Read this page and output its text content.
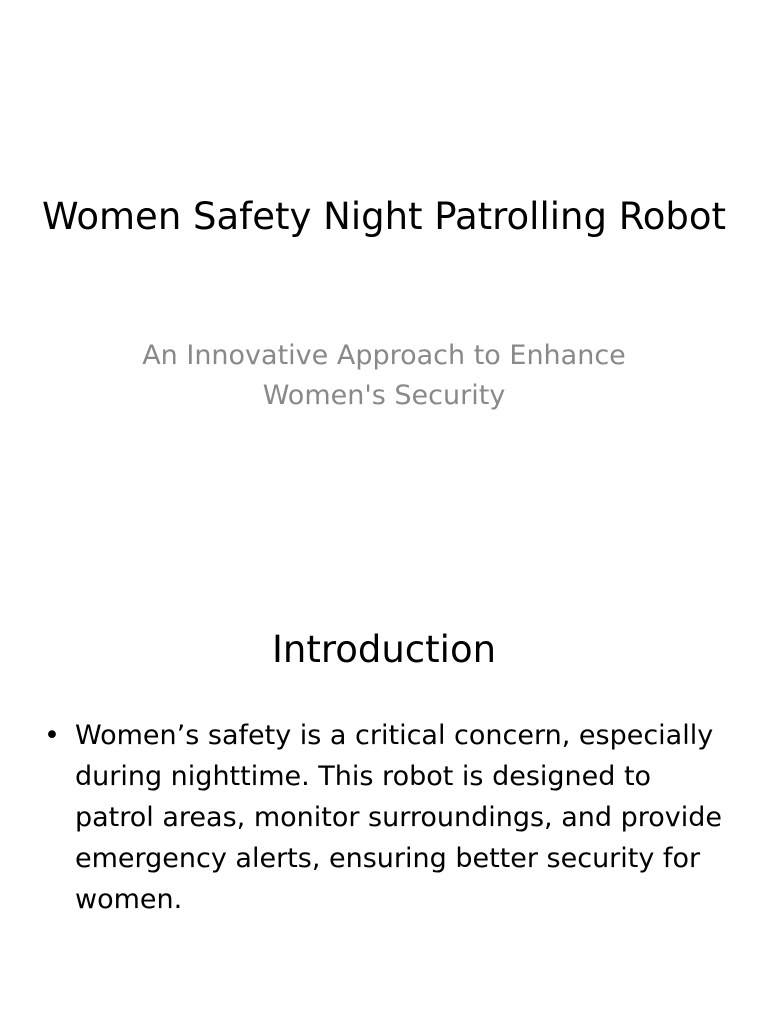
Women Safety Night Patrolling Robot
An Innovative Approach to Enhance Women's Security
Introduction
• Women’s safety is a critical concern, especially during nighttime. This robot is designed to patrol areas, monitor surroundings, and provide emergency alerts, ensuring better security for women.
